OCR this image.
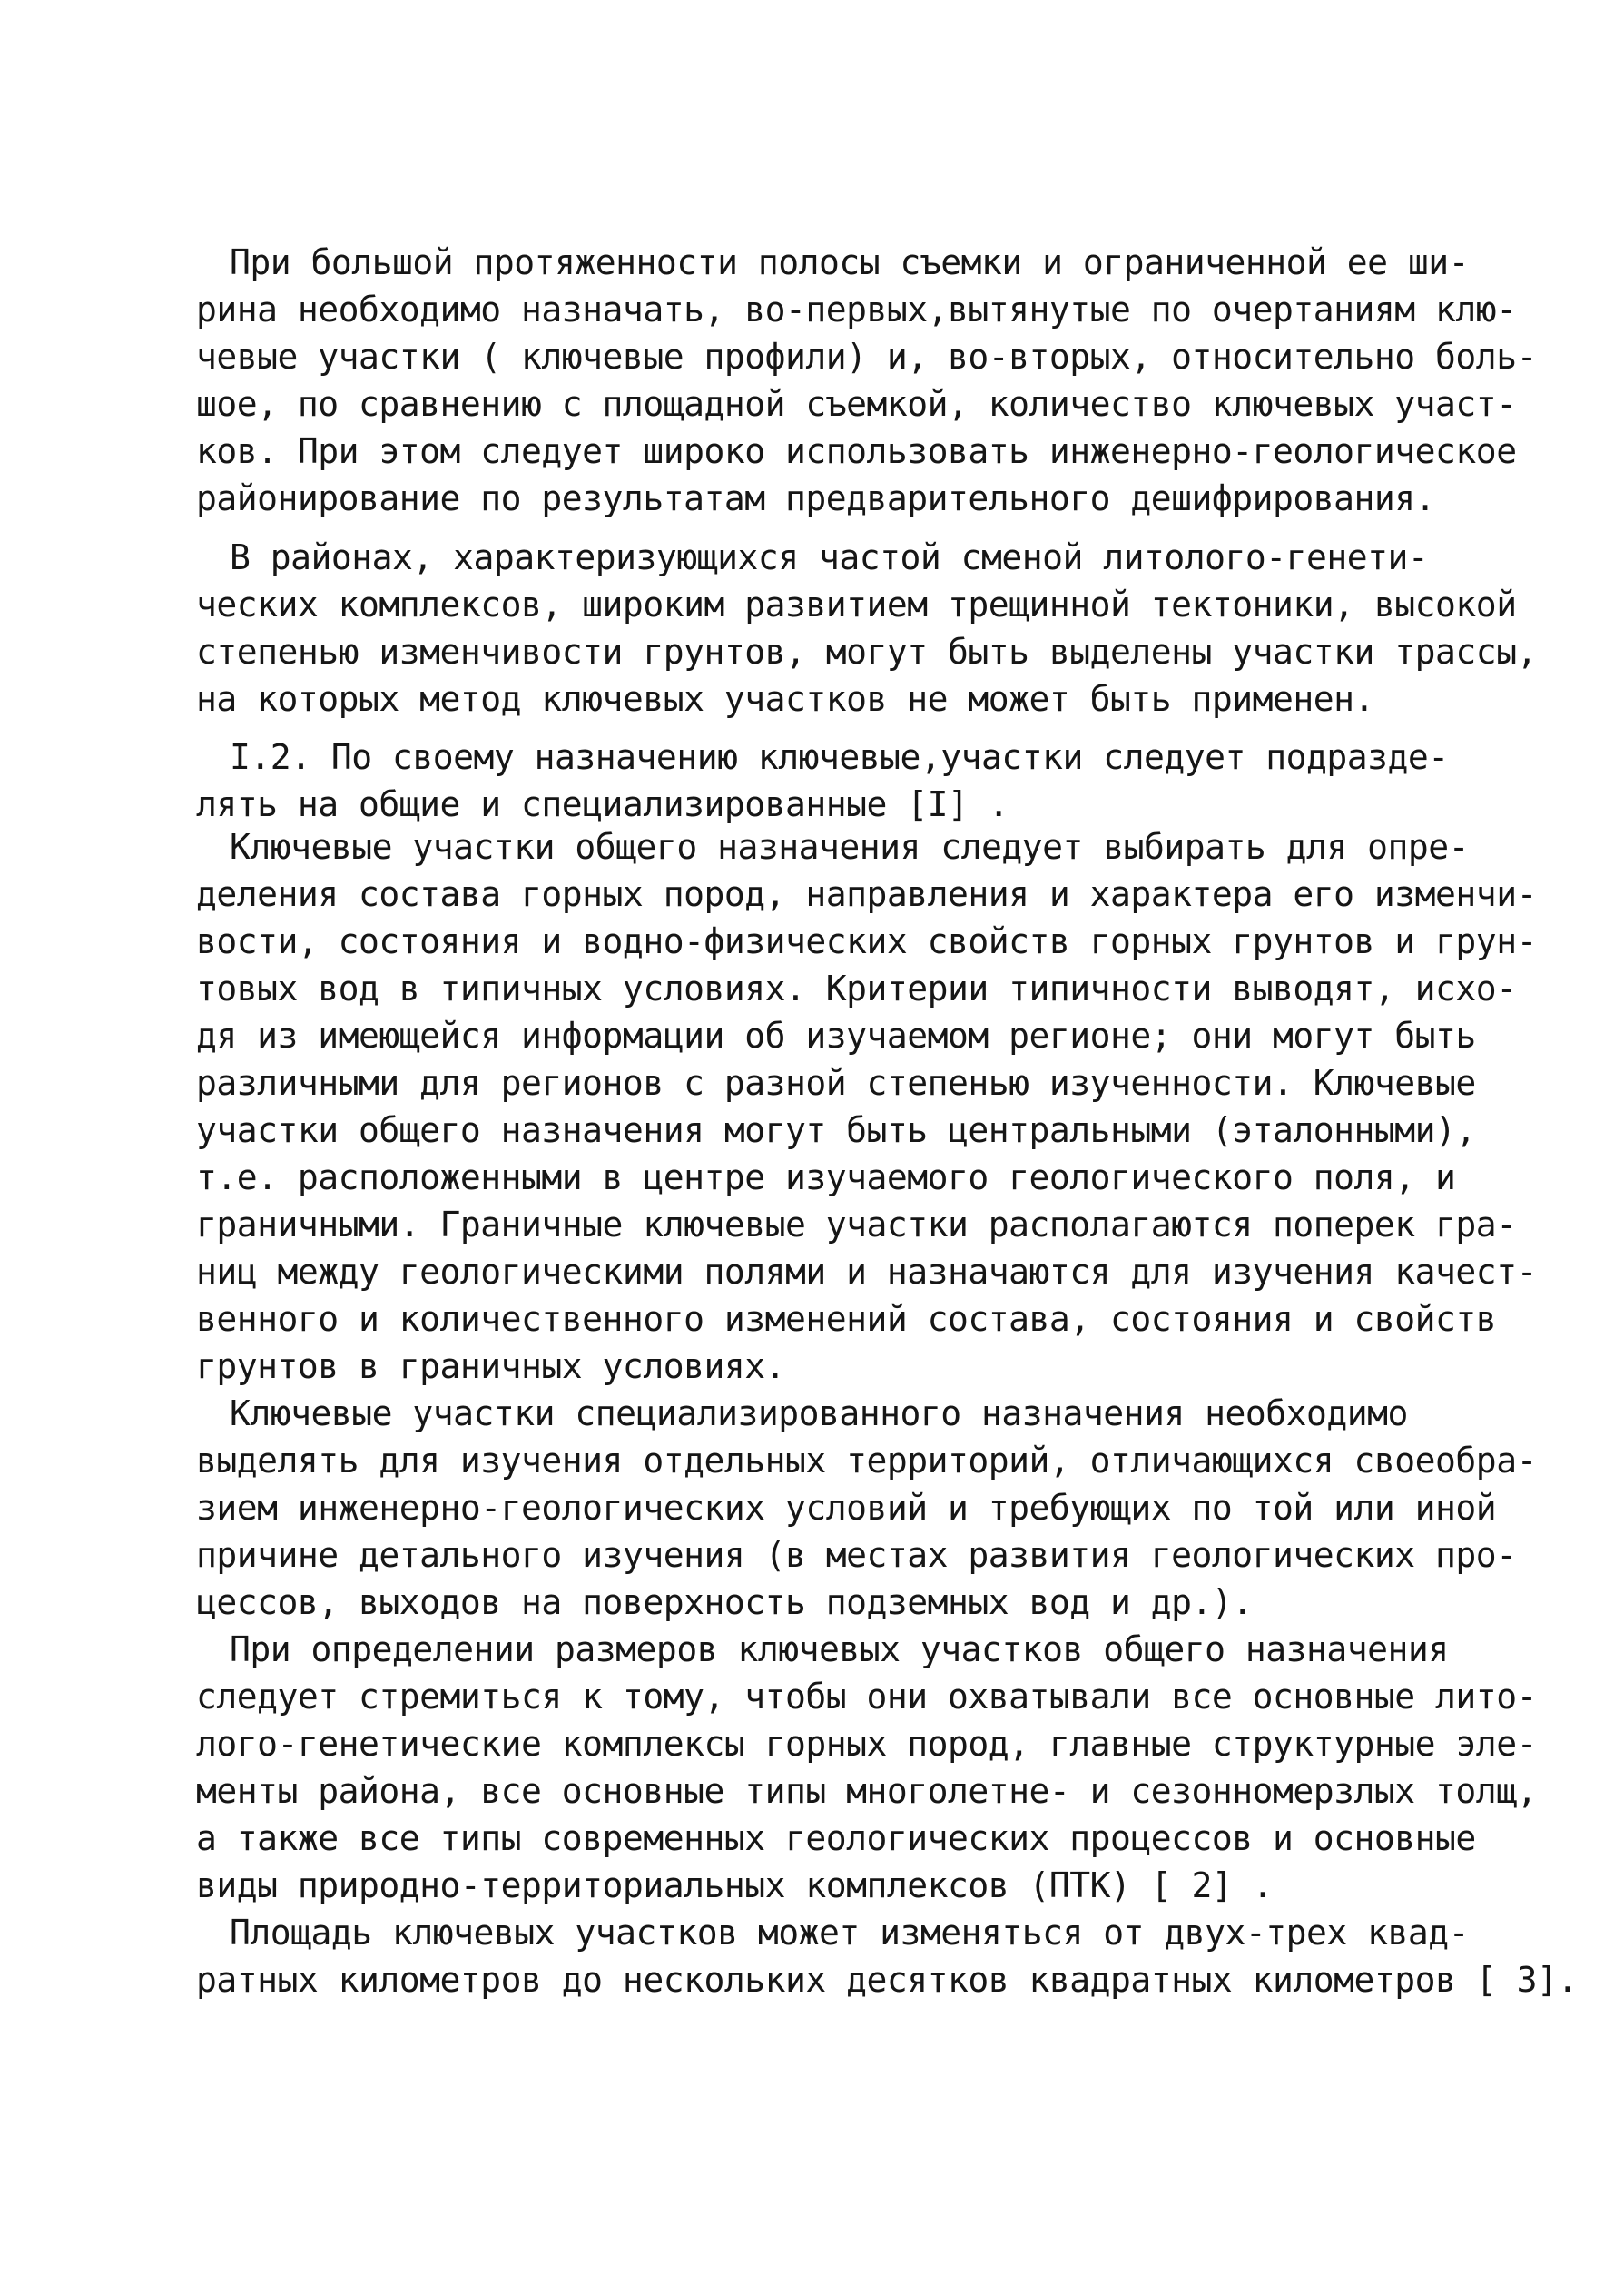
При большой протяженности полосы съемки и ограниченной ее ши-

рина необходимо назначать, во-первых,вытянутые по очертаниям клю-

чевые участки ( ключевые профили) и, во-вторых, относительно боль-

шое, по сравнению с площадной съемкой, количество ключевых участ-

ков. При этом следует широко использовать инженерно-геологическое

районирование по результатам предварительного дешифрирования.

В районах, характеризующихся частой сменой литолого-генети-

ческих комплексов, широким развитием трещинной тектоники, высокой

степенью изменчивости грунтов, могут быть выделены участки трассы,

на которых метод ключевых участков не может быть применен.

I.2. По своему назначению ключевые,участки следует подразде-

лять на общие и специализированные [I] .

Ключевые участки общего назначения следует выбирать для опре-

деления состава горных пород, направления и характера его изменчи-

вости, состояния и водно-физических свойств горных грунтов и грун-

товых вод в типичных условиях. Критерии типичности выводят, исхо-

дя из имеющейся информации об изучаемом регионе; они могут быть

различными для регионов с разной степенью изученности. Ключевые

участки общего назначения могут быть центральными (эталонными),

т.е. расположенными в центре изучаемого геологического поля, и

граничными. Граничные ключевые участки располагаются поперек гра-

ниц между геологическими полями и назначаются для изучения качест-

венного и количественного изменений состава, состояния и свойств

грунтов в граничных условиях.

Ключевые участки специализированного назначения необходимо

выделять для изучения отдельных территорий, отличающихся своеобра-

зием инженерно-геологических условий и требующих по той или иной

причине детального изучения (в местах развития геологических про-

цессов, выходов на поверхность подземных вод и др.).

При определении размеров ключевых участков общего назначения

следует стремиться к тому, чтобы они охватывали все основные лито-

лого-генетические комплексы горных пород, главные структурные эле-

менты района, все основные типы многолетне- и сезонномерзлых толщ,

а также все типы современных геологических процессов и основные

виды природно-территориальных комплексов (ПТК) [ 2] .

Площадь ключевых участков может изменяться от двух-трех квад-

ратных километров до нескольких десятков квадратных километров [ 3].
